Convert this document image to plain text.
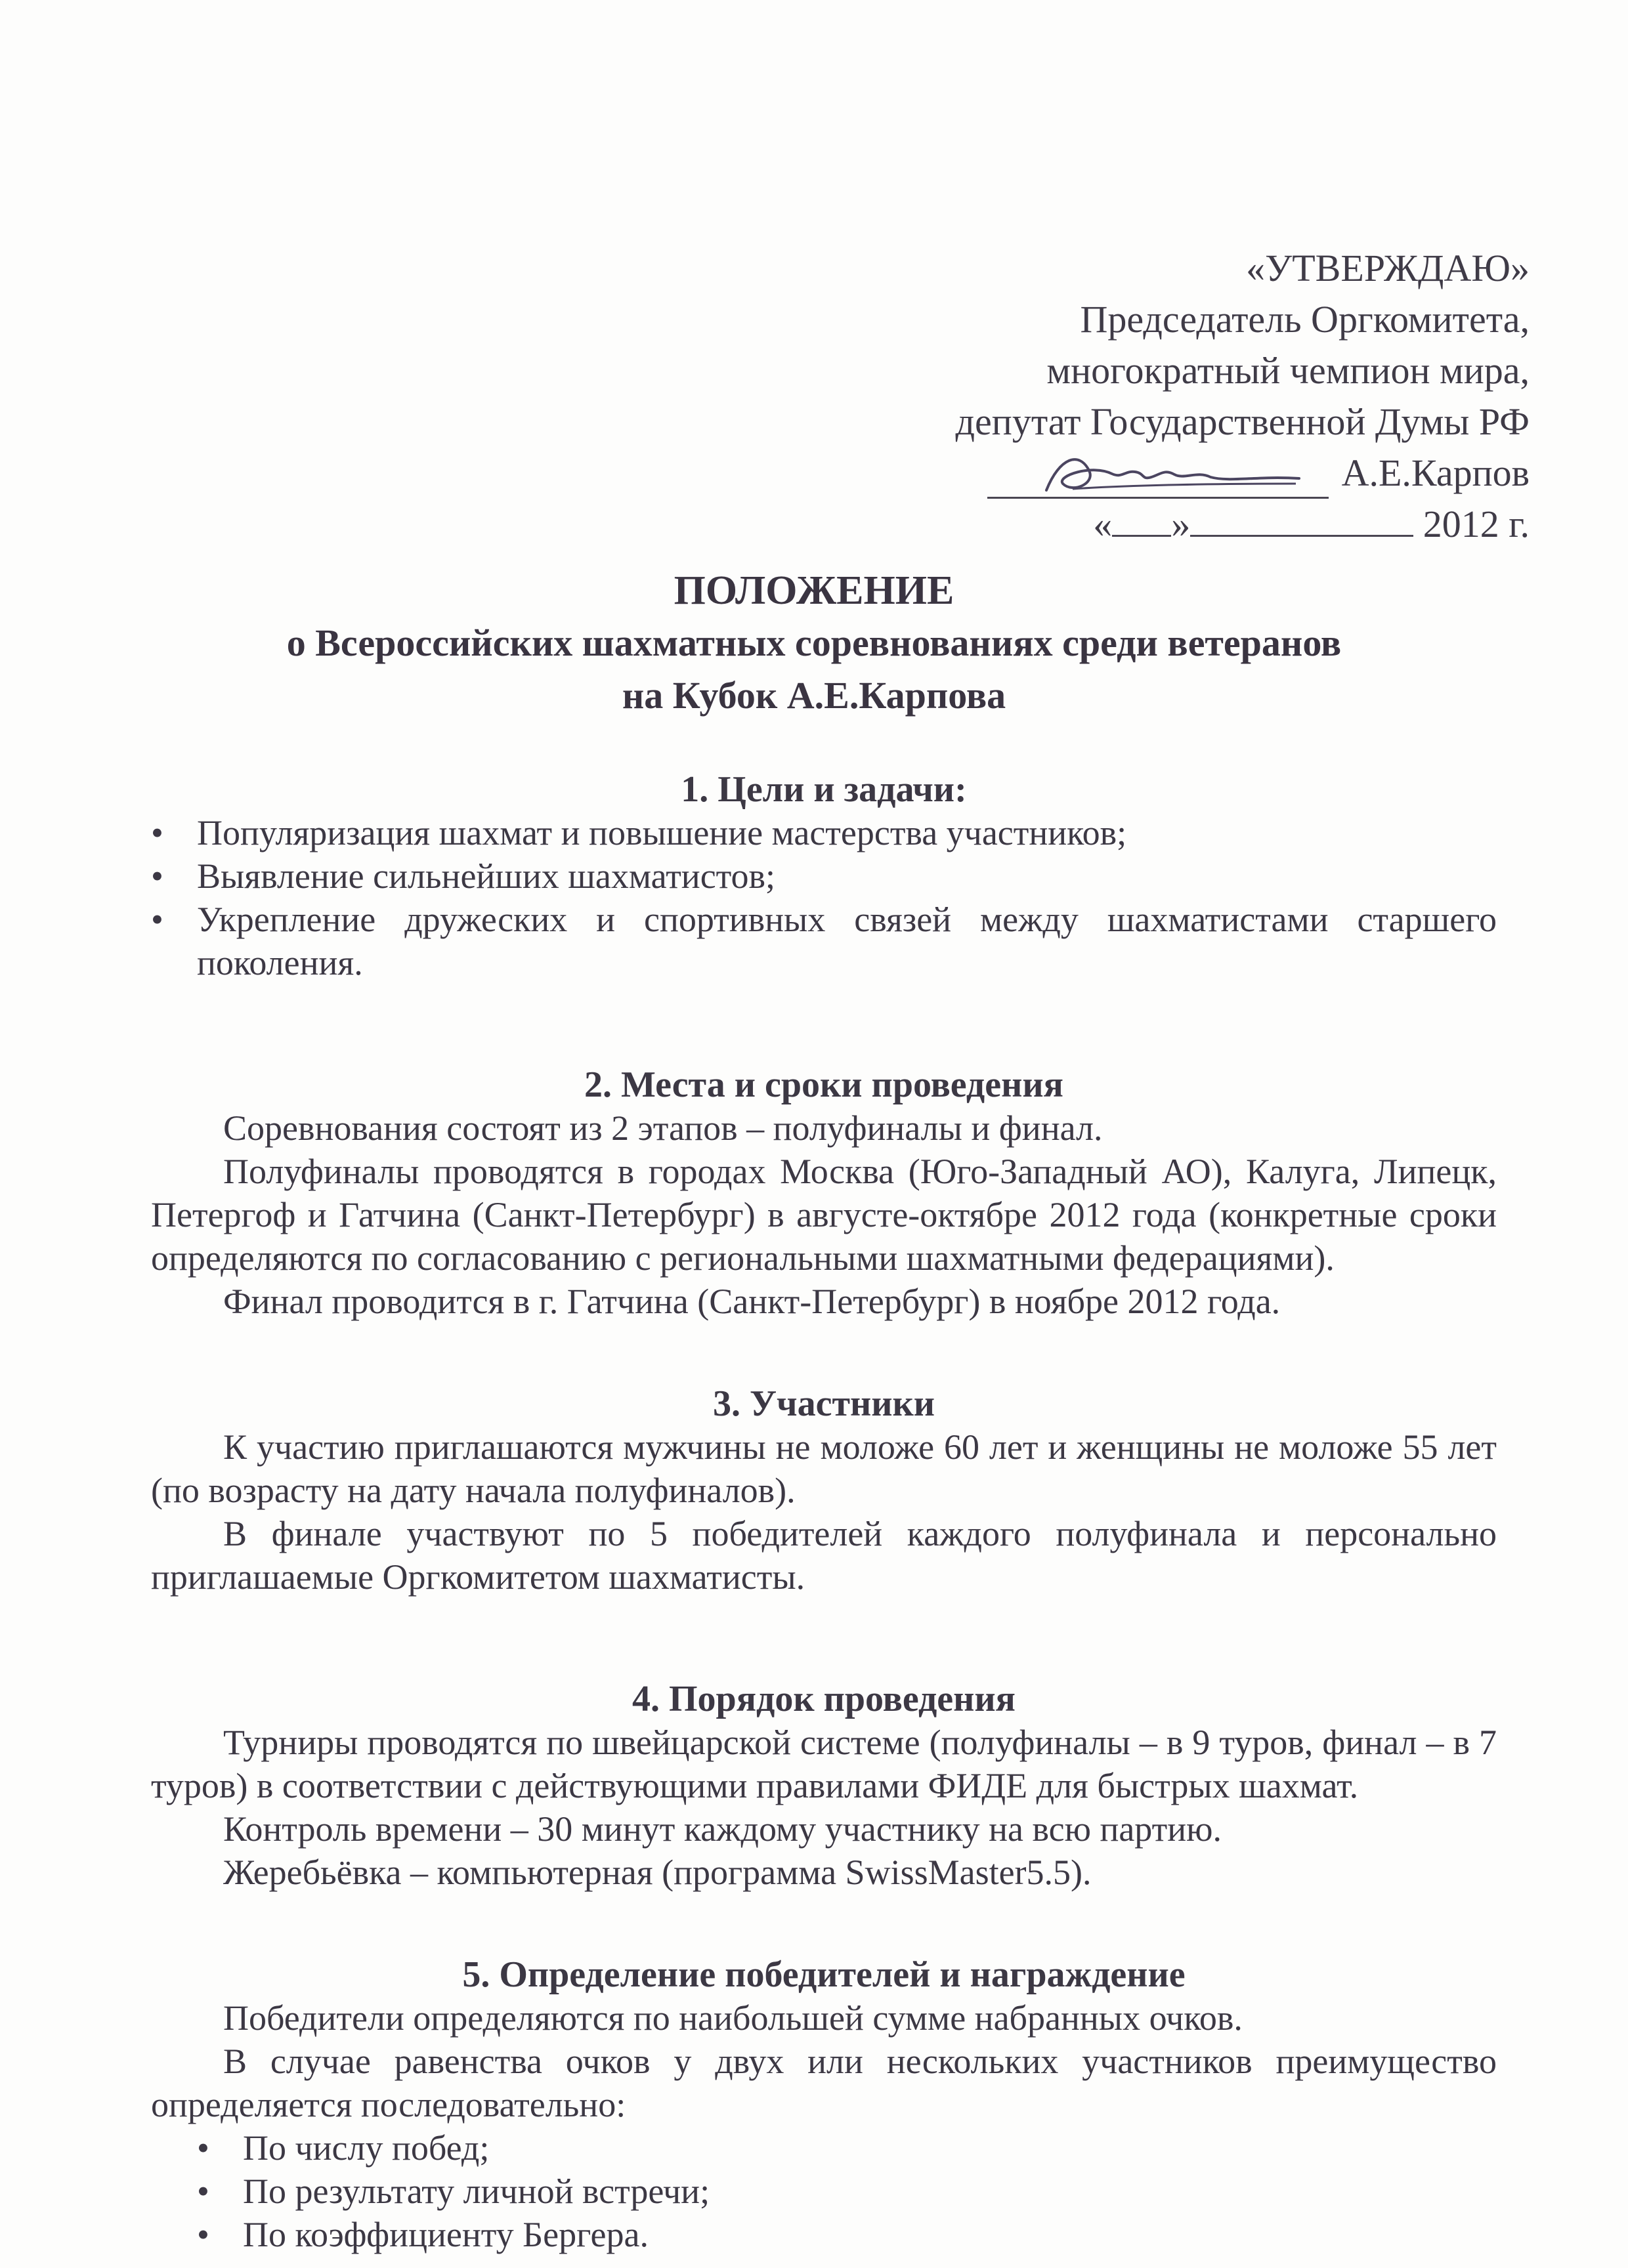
«УТВЕРЖДАЮ»
Председатель Оргкомитета,
многократный чемпион мира,
депутат Государственной Думы РФ
А.Е.Карпов
« »	2012 г.
ПОЛОЖЕНИЕ
о Всероссийских шахматных соревнованиях среди ветеранов
на Кубок А.Е.Карпова
1. Цели и задачи:
• Популяризация шахмат и повышение мастерства участников;
• Выявление сильнейших шахматистов;
• Укрепление дружеских и спортивных связей между шахматистами старшего поколения.
2. Места и сроки проведения

Соревнования состоят из 2 этапов – полуфиналы и финал.

Полуфиналы проводятся в городах Москва (Юго-Западный АО), Калуга, Липецк, Петергоф и Гатчина (Санкт-Петербург) в августе-октябре 2012 года (конкретные сроки определяются по согласованию с региональными шахматными федерациями).

Финал проводится в г. Гатчина (Санкт-Петербург) в ноябре 2012 года.

3. Участники

К участию приглашаются мужчины не моложе 60 лет и женщины не моложе 55 лет (по возрасту на дату начала полуфиналов).

В финале участвуют по 5 победителей каждого полуфинала и персонально приглашаемые Оргкомитетом шахматисты.

4. Порядок проведения

Турниры проводятся по швейцарской системе (полуфиналы – в 9 туров, финал – в 7 туров) в соответствии с действующими правилами ФИДЕ для быстрых шахмат.

Контроль времени – 30 минут каждому участнику на всю партию.

Жеребьёвка – компьютерная (программа SwissMaster5.5).

5. Определение победителей и награждение

Победители определяются по наибольшей сумме набранных очков.

В случае равенства очков у двух или нескольких участников преимущество определяется последовательно:

• По числу побед;
• По результату личной встречи;
• По коэффициенту Бергера.
